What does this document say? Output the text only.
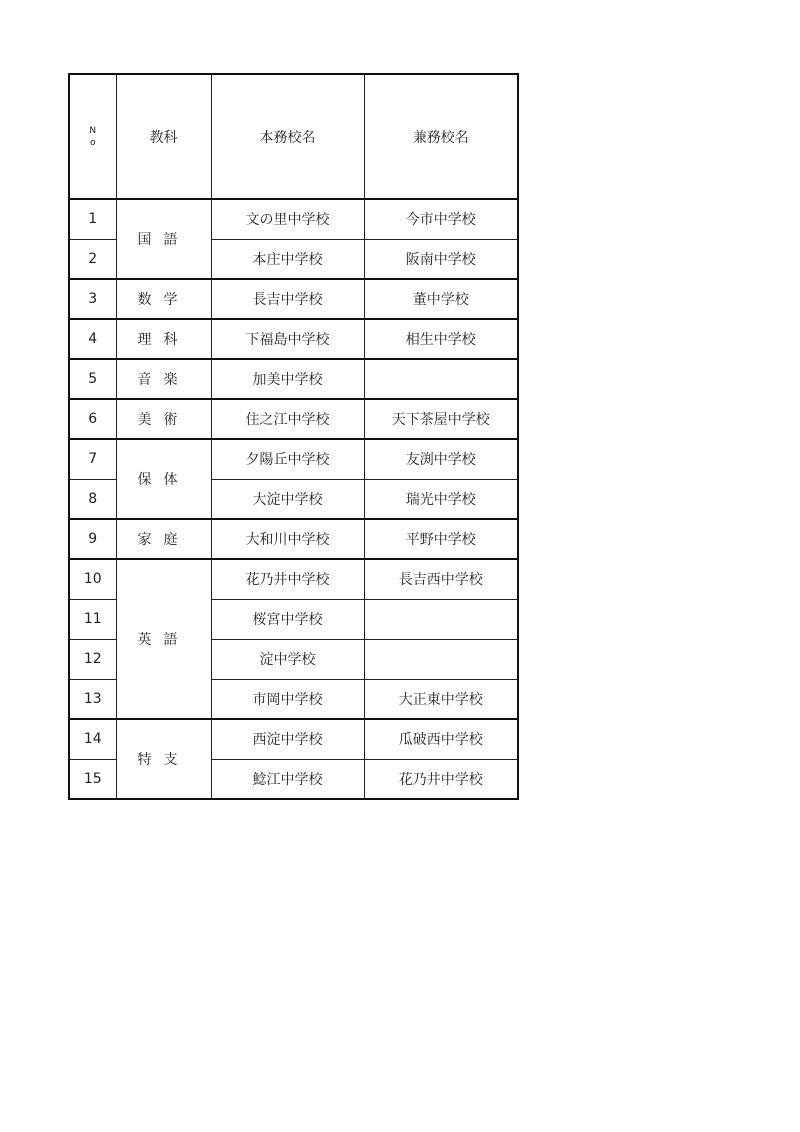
N
o	教科	本務校名	兼務校名
1	国語	文の里中学校	今市中学校
2		本庄中学校	阪南中学校
3	数学	長吉中学校	董中学校
4	理科	下福島中学校	相生中学校
5	音楽	加美中学校	
6	美術	住之江中学校	天下茶屋中学校
7	保体	夕陽丘中学校	友渕中学校
8		大淀中学校	瑞光中学校
9	家庭	大和川中学校	平野中学校
10	英語	花乃井中学校	長吉西中学校
11		桜宮中学校	
12		淀中学校	
13		市岡中学校	大正東中学校
14	特支	西淀中学校	瓜破西中学校
15		鯰江中学校	花乃井中学校
